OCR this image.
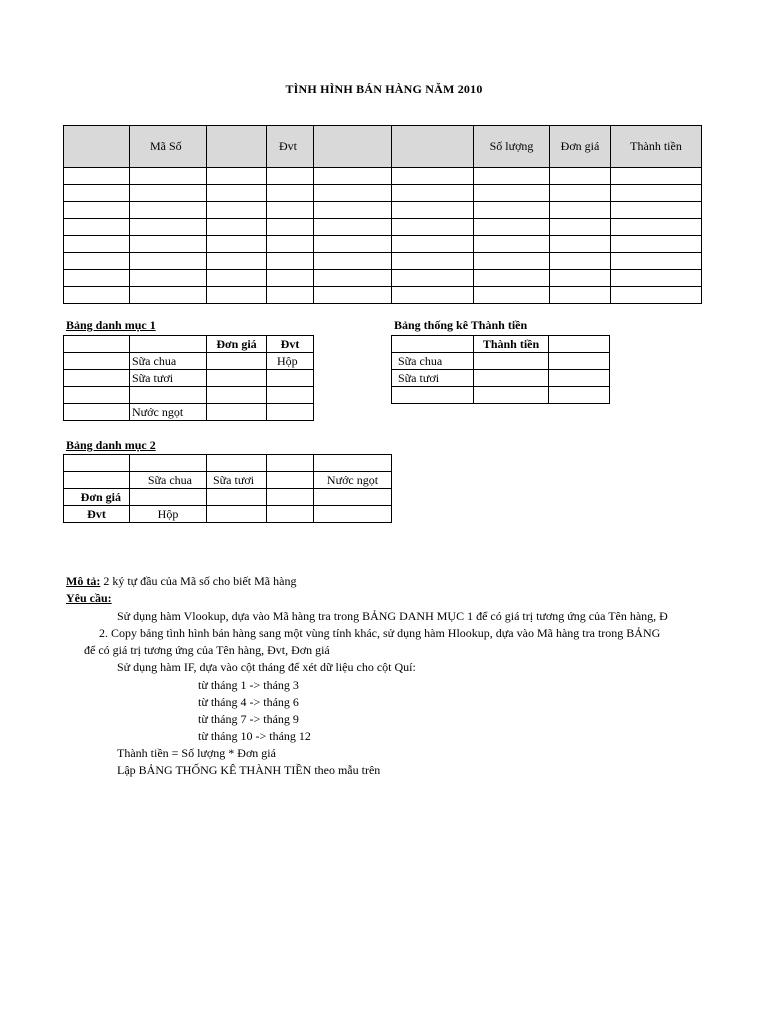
TÌNH HÌNH BÁN HÀNG NĂM 2010
	Mã Số		Đvt			Số lượng	Đơn giá	Thành tiền

Bảng danh mục 1
		Đơn giá	Đvt
	Sữa chua		Hộp
	Sữa tươi		

	Nước ngọt		
Bảng thống kê Thành tiền
	Thành tiền	
Sữa chua		
Sữa tươi		

Bảng danh mục 2

	Sữa chua	Sữa tươi		Nước ngọt
Đơn giá				
Đvt	Hộp			
Mô tả: 2 ký tự đầu của Mã số cho biết Mã hàng
Yêu cầu:
Sử dụng hàm Vlookup, dựa vào Mã hàng tra trong BẢNG DANH MỤC 1 để có giá trị tương ứng của Tên hàng, Đ
2. Copy bảng tình hình bán hàng sang một vùng tính khác, sử dụng hàm Hlookup, dựa vào Mã hàng tra trong BẢNG
để có giá trị tương ứng của Tên hàng, Đvt, Đơn giá
Sử dụng hàm IF, dựa vào cột tháng để xét dữ liệu cho cột Quí:
từ tháng 1 -> tháng 3
từ tháng 4 -> tháng 6
từ tháng 7 -> tháng 9
từ tháng 10 -> tháng 12
Thành tiền = Số lượng * Đơn giá
Lập BẢNG THỐNG KÊ THÀNH TIỀN theo mẫu trên
